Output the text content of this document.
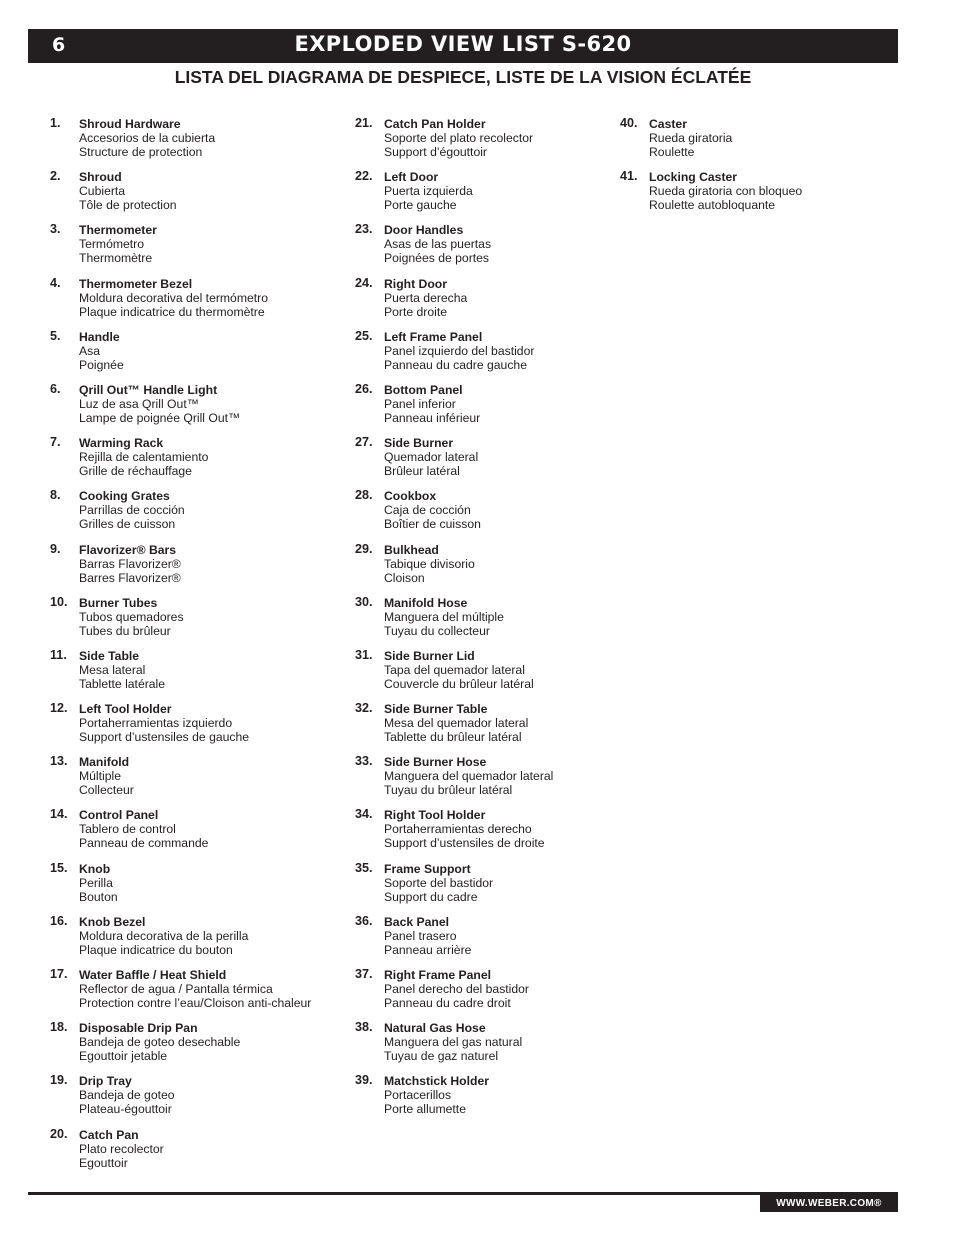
6	EXPLODED VIEW LIST S-620
LISTA DEL DIAGRAMA DE DESPIECE, LISTE DE LA VISION ÉCLATÉE
1. Shroud Hardware
Accesorios de la cubierta
Structure de protection
2. Shroud
Cubierta
Tôle de protection
3. Thermometer
Termómetro
Thermomètre
4. Thermometer Bezel
Moldura decorativa del termómetro
Plaque indicatrice du thermomètre
5. Handle
Asa
Poignée
6. Qrill Out™ Handle Light
Luz de asa Qrill Out™
Lampe de poignée Qrill Out™
7. Warming Rack
Rejilla de calentamiento
Grille de réchauffage
8. Cooking Grates
Parrillas de cocción
Grilles de cuisson
9. Flavorizer® Bars
Barras Flavorizer®
Barres Flavorizer®
10. Burner Tubes
Tubos quemadores
Tubes du brûleur
11. Side Table
Mesa lateral
Tablette latérale
12. Left Tool Holder
Portaherramientas izquierdo
Support d’ustensiles de gauche
13. Manifold
Múltiple
Collecteur
14. Control Panel
Tablero de control
Panneau de commande
15. Knob
Perilla
Bouton
16. Knob Bezel
Moldura decorativa de la perilla
Plaque indicatrice du bouton
17. Water Baffle / Heat Shield
Reflector de agua / Pantalla térmica
Protection contre l’eau/Cloison anti-chaleur
18. Disposable Drip Pan
Bandeja de goteo desechable
Egouttoir jetable
19. Drip Tray
Bandeja de goteo
Plateau-égouttoir
20. Catch Pan
Plato recolector
Egouttoir
21. Catch Pan Holder
Soporte del plato recolector
Support d’égouttoir
22. Left Door
Puerta izquierda
Porte gauche
23. Door Handles
Asas de las puertas
Poignées de portes
24. Right Door
Puerta derecha
Porte droite
25. Left Frame Panel
Panel izquierdo del bastidor
Panneau du cadre gauche
26. Bottom Panel
Panel inferior
Panneau inférieur
27. Side Burner
Quemador lateral
Brûleur latéral
28. Cookbox
Caja de cocción
Boîtier de cuisson
29. Bulkhead
Tabique divisorio
Cloison
30. Manifold Hose
Manguera del múltiple
Tuyau du collecteur
31. Side Burner Lid
Tapa del quemador lateral
Couvercle du brûleur latéral
32. Side Burner Table
Mesa del quemador lateral
Tablette du brûleur latéral
33. Side Burner Hose
Manguera del quemador lateral
Tuyau du brûleur latéral
34. Right Tool Holder
Portaherramientas derecho
Support d’ustensiles de droite
35. Frame Support
Soporte del bastidor
Support du cadre
36. Back Panel
Panel trasero
Panneau arrière
37. Right Frame Panel
Panel derecho del bastidor
Panneau du cadre droit
38. Natural Gas Hose
Manguera del gas natural
Tuyau de gaz naturel
39. Matchstick Holder
Portacerillos
Porte allumette
40. Caster
Rueda giratoria
Roulette
41. Locking Caster
Rueda giratoria con bloqueo
Roulette autobloquante
WWW.WEBER.COM®
